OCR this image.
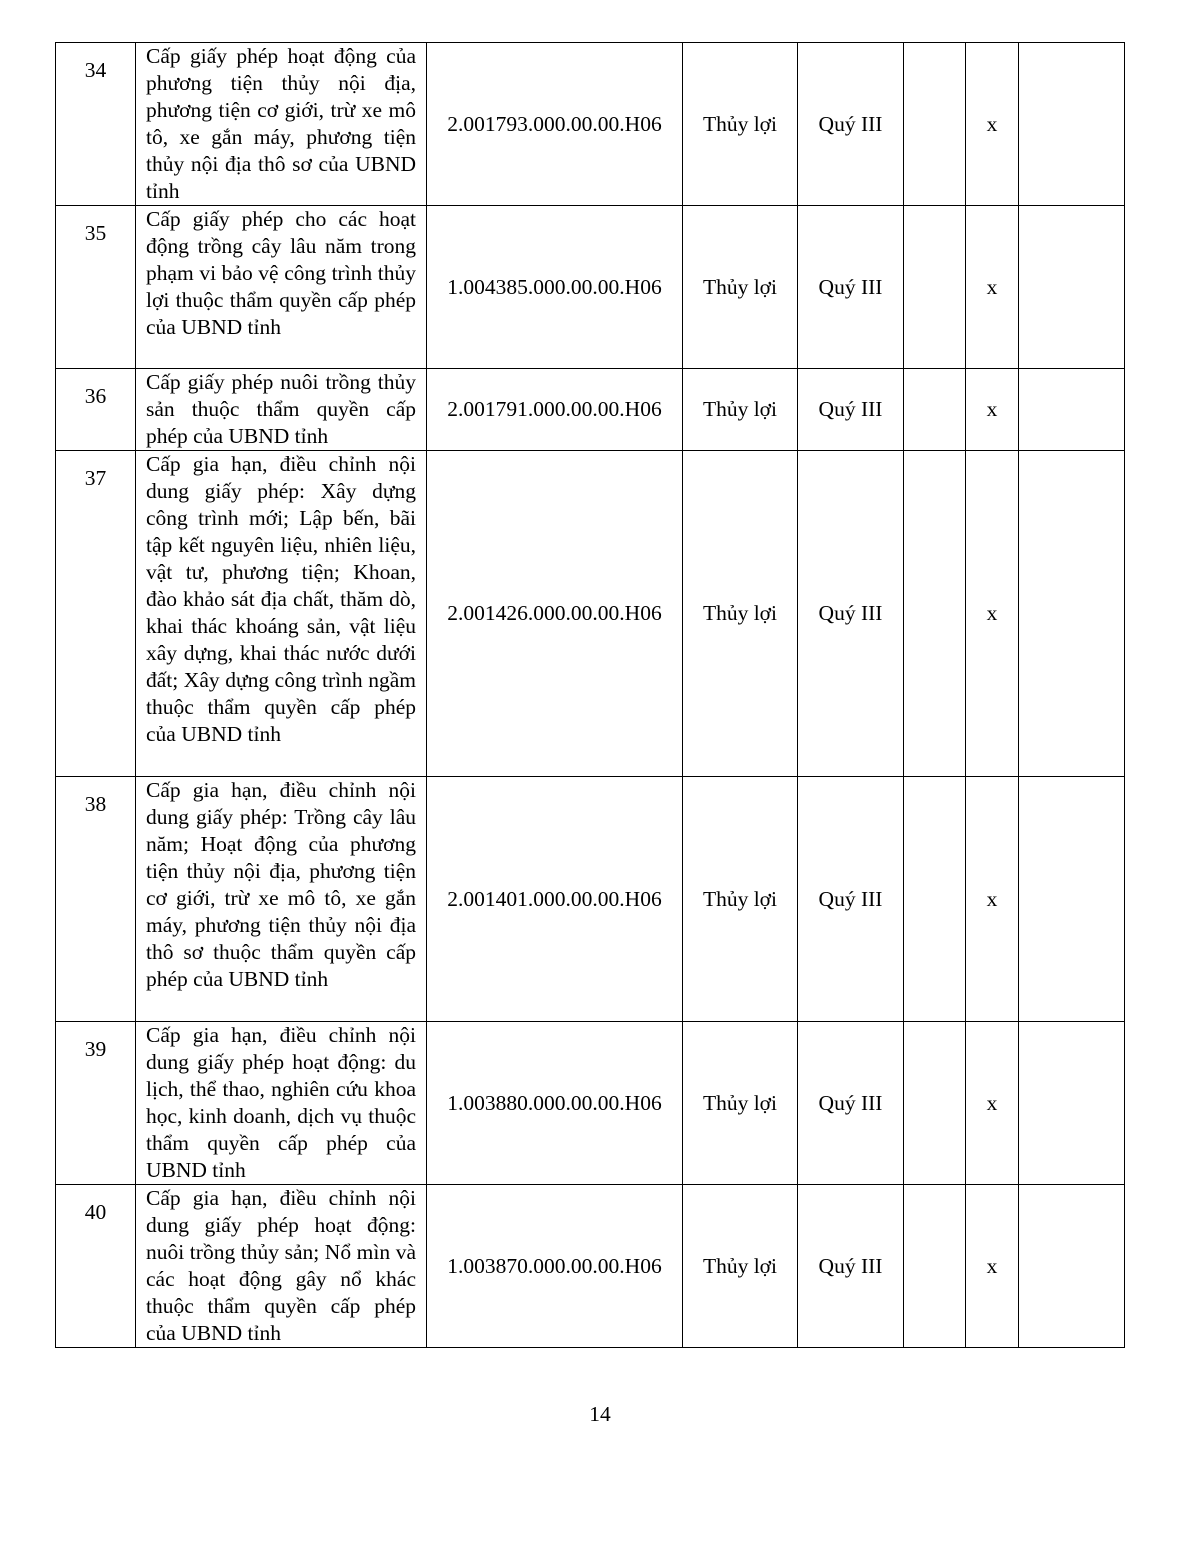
34	Cấp giấy phép hoạt động của phương tiện thủy nội địa, phương tiện cơ giới, trừ xe mô tô, xe gắn máy, phương tiện thủy nội địa thô sơ của UBND tỉnh	2.001793.000.00.00.H06	Thủy lợi	Quý III		x	
35	Cấp giấy phép cho các hoạt động trồng cây lâu năm trong phạm vi bảo vệ công trình thủy lợi thuộc thẩm quyền cấp phép của UBND tỉnh	1.004385.000.00.00.H06	Thủy lợi	Quý III		x	
36	Cấp giấy phép nuôi trồng thủy sản thuộc thẩm quyền cấp phép của UBND tỉnh	2.001791.000.00.00.H06	Thủy lợi	Quý III		x	
37	Cấp gia hạn, điều chỉnh nội dung giấy phép: Xây dựng công trình mới; Lập bến, bãi tập kết nguyên liệu, nhiên liệu, vật tư, phương tiện; Khoan, đào khảo sát địa chất, thăm dò, khai thác khoáng sản, vật liệu xây dựng, khai thác nước dưới đất; Xây dựng công trình ngầm thuộc thẩm quyền cấp phép của UBND tỉnh	2.001426.000.00.00.H06	Thủy lợi	Quý III		x	
38	Cấp gia hạn, điều chỉnh nội dung giấy phép: Trồng cây lâu năm; Hoạt động của phương tiện thủy nội địa, phương tiện cơ giới, trừ xe mô tô, xe gắn máy, phương tiện thủy nội địa thô sơ thuộc thẩm quyền cấp phép của UBND tỉnh	2.001401.000.00.00.H06	Thủy lợi	Quý III		x	
39	Cấp gia hạn, điều chỉnh nội dung giấy phép hoạt động: du lịch, thể thao, nghiên cứu khoa học, kinh doanh, dịch vụ thuộc thẩm quyền cấp phép của UBND tỉnh	1.003880.000.00.00.H06	Thủy lợi	Quý III		x	
40	Cấp gia hạn, điều chỉnh nội dung giấy phép hoạt động: nuôi trồng thủy sản; Nổ mìn và các hoạt động gây nổ khác thuộc thẩm quyền cấp phép của UBND tỉnh	1.003870.000.00.00.H06	Thủy lợi	Quý III		x	
14
